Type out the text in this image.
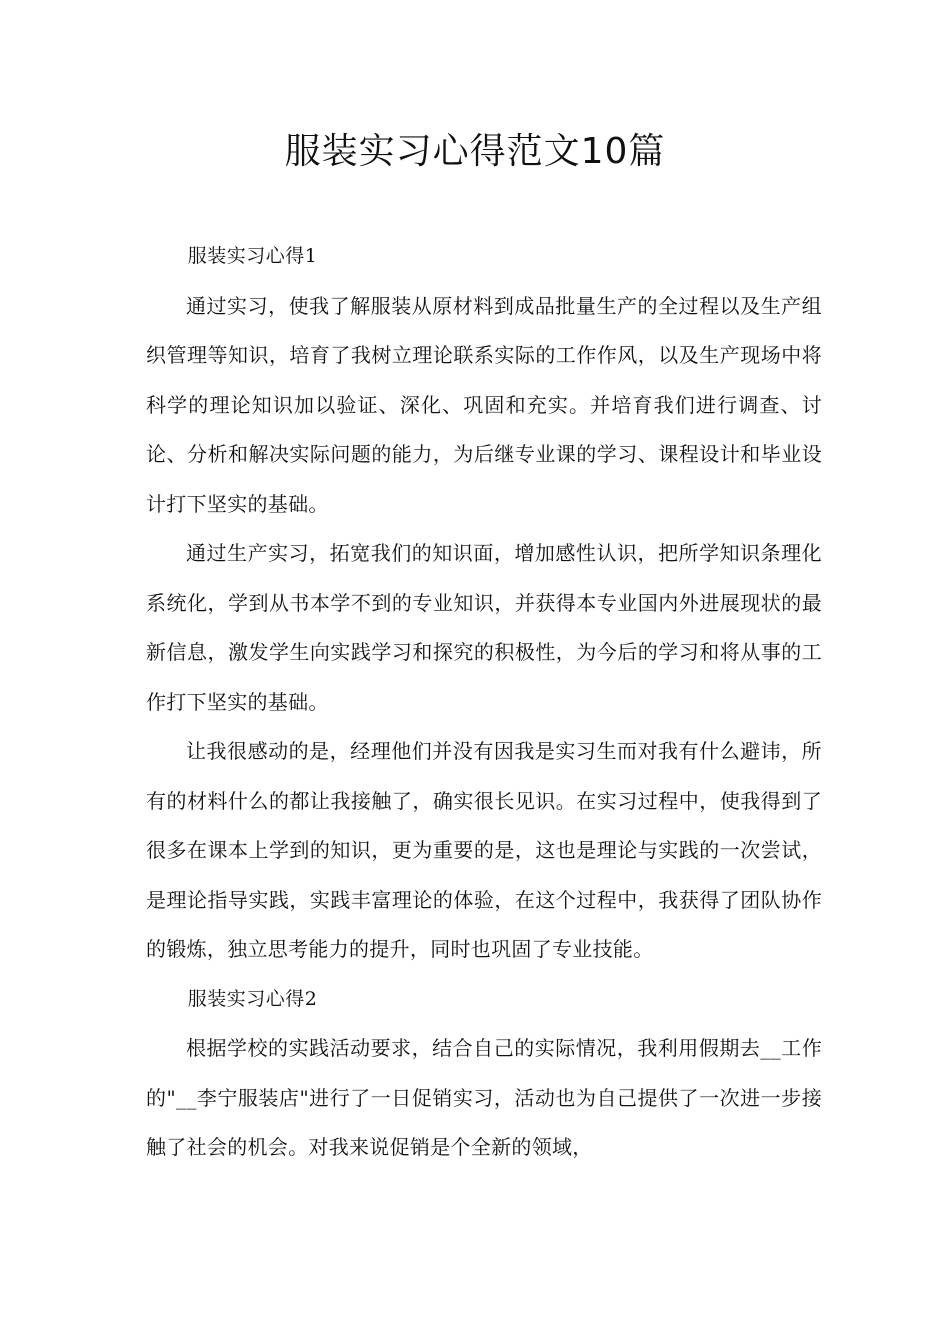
服装实习心得范文10篇

服装实习心得1

通过实习，使我了解服装从原材料到成品批量生产的全过程以及生产组织管理等知识，培育了我树立理论联系实际的工作作风，以及生产现场中将科学的理论知识加以验证、深化、巩固和充实。并培育我们进行调查、讨论、分析和解决实际问题的能力，为后继专业课的学习、课程设计和毕业设计打下坚实的基础。

通过生产实习，拓宽我们的知识面，增加感性认识，把所学知识条理化系统化，学到从书本学不到的专业知识，并获得本专业国内外进展现状的最新信息，激发学生向实践学习和探究的积极性，为今后的学习和将从事的工作打下坚实的基础。

让我很感动的是，经理他们并没有因我是实习生而对我有什么避讳，所有的材料什么的都让我接触了，确实很长见识。在实习过程中，使我得到了很多在课本上学到的知识，更为重要的是，这也是理论与实践的一次尝试，是理论指导实践，实践丰富理论的体验，在这个过程中，我获得了团队协作的锻炼，独立思考能力的提升，同时也巩固了专业技能。

服装实习心得2

根据学校的实践活动要求，结合自己的实际情况，我利用假期去__工作的"__李宁服装店"进行了一日促销实习，活动也为自己提供了一次进一步接触了社会的机会。对我来说促销是个全新的领域，
